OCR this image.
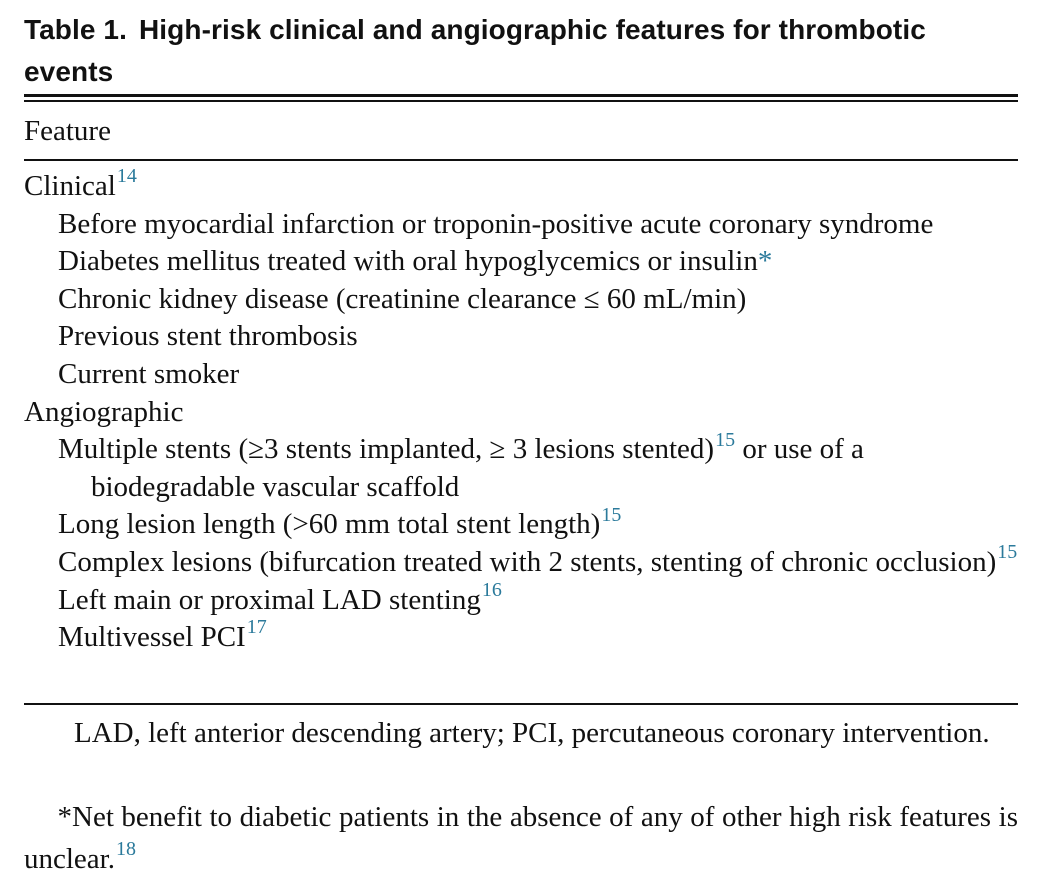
Table 1. High-risk clinical and angiographic features for thrombotic events
Feature
Clinical$^{14}$
Before myocardial infarction or troponin-positive acute coronary syndrome
Diabetes mellitus treated with oral hypoglycemics or insulin*
Chronic kidney disease (creatinine clearance ≤ 60 mL/min)
Previous stent thrombosis
Current smoker
Angiographic
Multiple stents (≥3 stents implanted, ≥ 3 lesions stented)$^{15}$ or use of a biodegradable vascular scaffold
Long lesion length (>60 mm total stent length)$^{15}$
Complex lesions (bifurcation treated with 2 stents, stenting of chronic occlusion)$^{15}$
Left main or proximal LAD stenting$^{16}$
Multivessel PCI$^{17}$
LAD, left anterior descending artery; PCI, percutaneous coronary intervention.
*Net benefit to diabetic patients in the absence of any of other high risk features is unclear.$^{18}$
